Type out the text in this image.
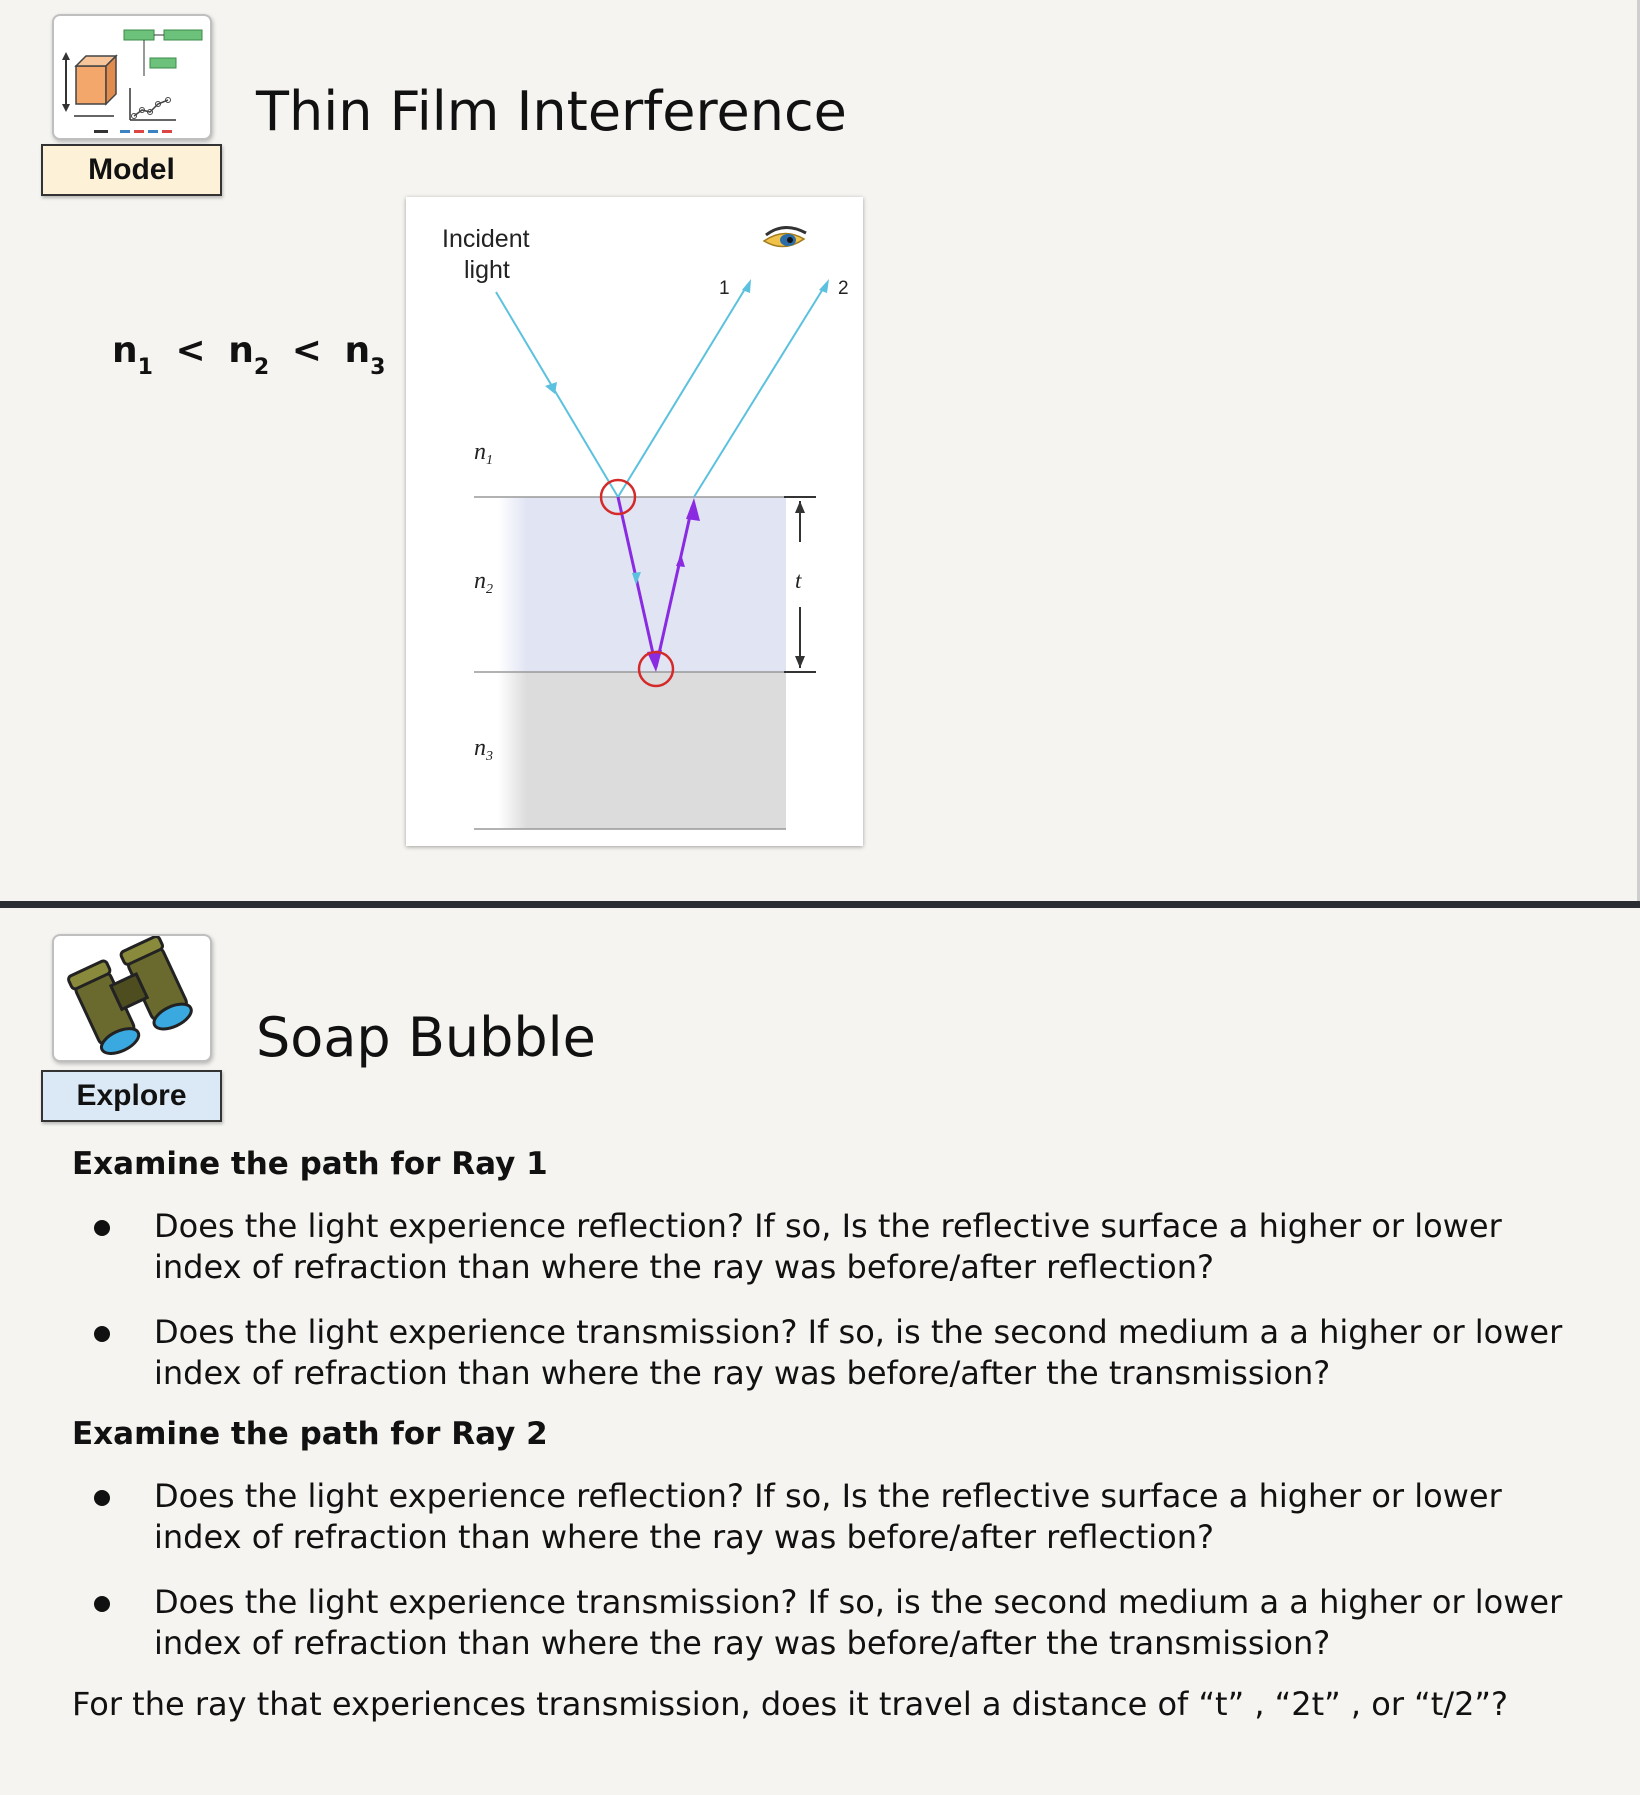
Model
Thin Film Interference
$n_1 < n_2 < n_3$
Incident
light
1	2
t
$n_1$
$n_2$
$n_3$
Explore
Soap Bubble
Examine the path for Ray 1
Does the light experience reflection? If so, Is the reflective surface a higher or lower index of refraction than where the ray was before/after reflection?
Does the light experience transmission? If so, is the second medium a a higher or lower index of refraction than where the ray was before/after the transmission?
Examine the path for Ray 2
Does the light experience reflection? If so, Is the reflective surface a higher or lower index of refraction than where the ray was before/after reflection?
Does the light experience transmission? If so, is the second medium a a higher or lower index of refraction than where the ray was before/after the transmission?

For the ray that experiences transmission, does it travel a distance of “t” , “2t” , or “t/2”?
